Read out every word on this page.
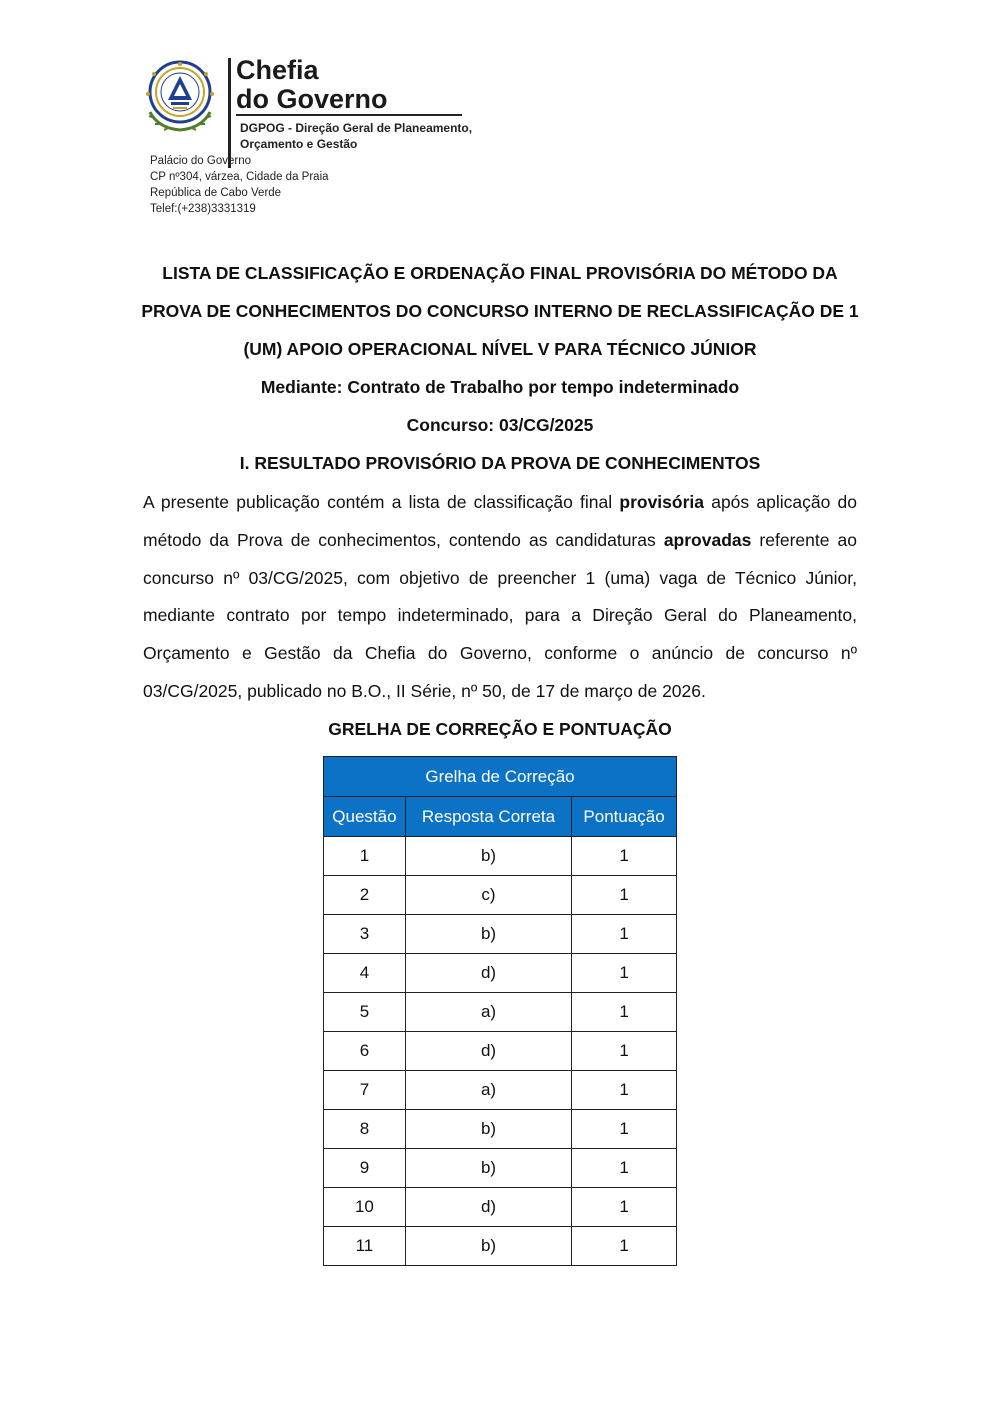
Chefia
do Governo
DGPOG - Direção Geral de Planeamento,
Orçamento e Gestão
Palácio do Governo
CP nº304, várzea, Cidade da Praia
República de Cabo Verde
Telef:(+238)3331319
LISTA DE CLASSIFICAÇÃO E ORDENAÇÃO FINAL PROVISÓRIA DO MÉTODO DA
PROVA DE CONHECIMENTOS DO CONCURSO INTERNO DE RECLASSIFICAÇÃO DE 1
(UM) APOIO OPERACIONAL NÍVEL V PARA TÉCNICO JÚNIOR
Mediante: Contrato de Trabalho por tempo indeterminado
Concurso: 03/CG/2025
I. RESULTADO PROVISÓRIO DA PROVA DE CONHECIMENTOS
A presente publicação contém a lista de classificação final provisória após aplicação do método da Prova de conhecimentos, contendo as candidaturas aprovadas referente ao concurso nº 03/CG/2025, com objetivo de preencher 1 (uma) vaga de Técnico Júnior, mediante contrato por tempo indeterminado, para a Direção Geral do Planeamento, Orçamento e Gestão da Chefia do Governo, conforme o anúncio de concurso nº 03/CG/2025, publicado no B.O., II Série, nº 50, de 17 de março de 2026.
GRELHA DE CORREÇÃO E PONTUAÇÃO
Grelha de Correção		
Questão	Resposta Correta	Pontuação
1	b)	1
2	c)	1
3	b)	1
4	d)	1
5	a)	1
6	d)	1
7	a)	1
8	b)	1
9	b)	1
10	d)	1
11	b)	1
